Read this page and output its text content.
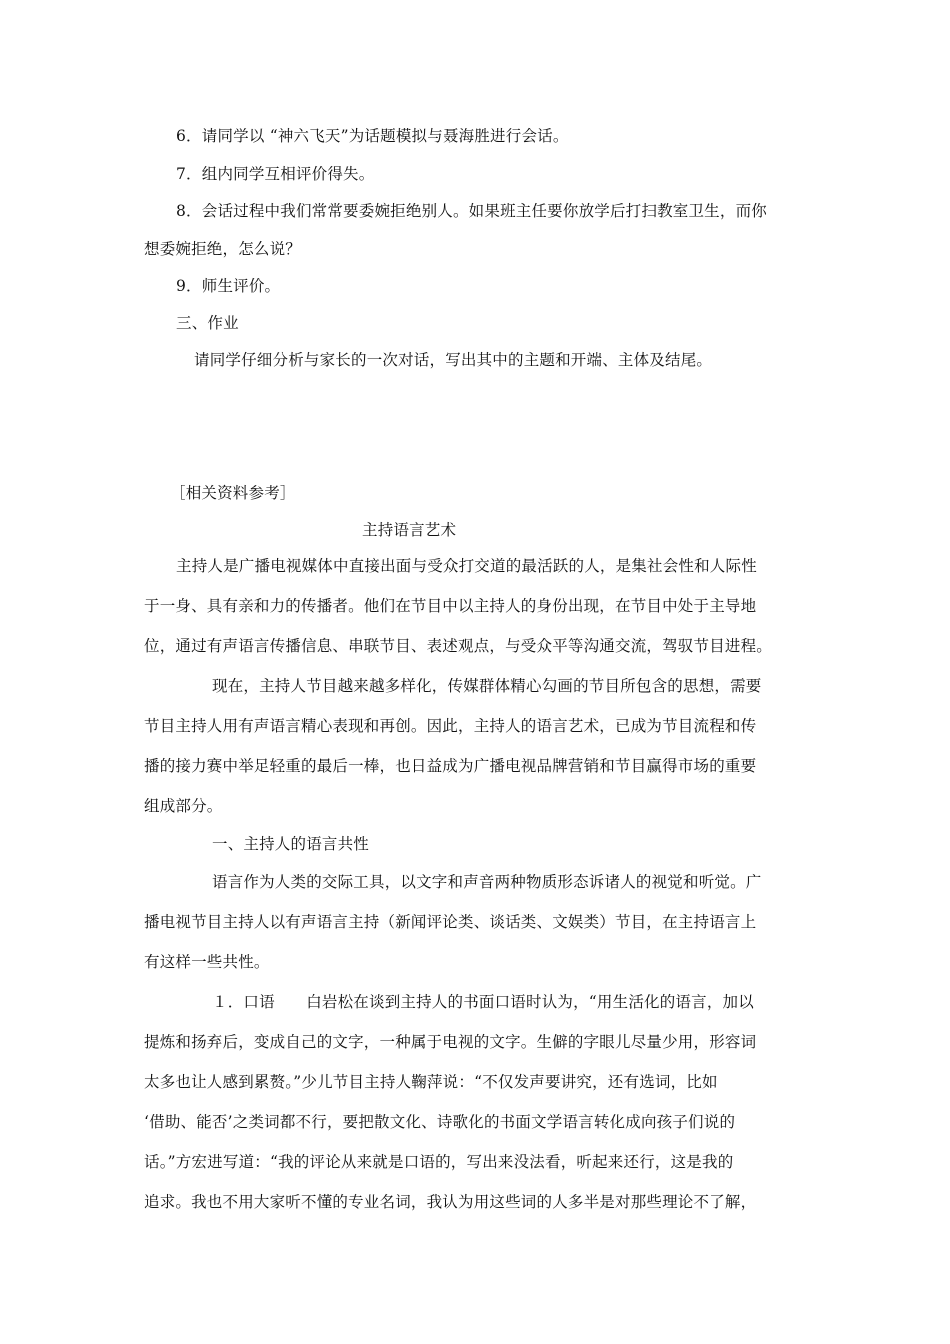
6．请同学以 “神六飞天”为话题模拟与聂海胜进行会话。
7．组内同学互相评价得失。
8．会话过程中我们常常要委婉拒绝别人。如果班主任要你放学后打扫教室卫生，而你
想委婉拒绝，怎么说？
9．师生评价。
三、作业
请同学仔细分析与家长的一次对话，写出其中的主题和开端、主体及结尾。
［相关资料参考］
主持语言艺术
主持人是广播电视媒体中直接出面与受众打交道的最活跃的人，是集社会性和人际性
于一身、具有亲和力的传播者。他们在节目中以主持人的身份出现，在节目中处于主导地
位，通过有声语言传播信息、串联节目、表述观点，与受众平等沟通交流，驾驭节目进程。
现在，主持人节目越来越多样化，传媒群体精心勾画的节目所包含的思想，需要
节目主持人用有声语言精心表现和再创。因此，主持人的语言艺术，已成为节目流程和传
播的接力赛中举足轻重的最后一棒，也日益成为广播电视品牌营销和节目赢得市场的重要
组成部分。
一、主持人的语言共性
语言作为人类的交际工具，以文字和声音两种物质形态诉诸人的视觉和听觉。广
播电视节目主持人以有声语言主持（新闻评论类、谈话类、文娱类）节目，在主持语言上
有这样一些共性。
１．口语　　白岩松在谈到主持人的书面口语时认为，“用生活化的语言，加以
提炼和扬弃后，变成自己的文字，一种属于电视的文字。生僻的字眼儿尽量少用，形容词
太多也让人感到累赘。”少儿节目主持人鞠萍说：“不仅发声要讲究，还有选词，比如
‘借助、能否’之类词都不行，要把散文化、诗歌化的书面文学语言转化成向孩子们说的
话。”方宏进写道：“我的评论从来就是口语的，写出来没法看，听起来还行，这是我的
追求。我也不用大家听不懂的专业名词，我认为用这些词的人多半是对那些理论不了解，
